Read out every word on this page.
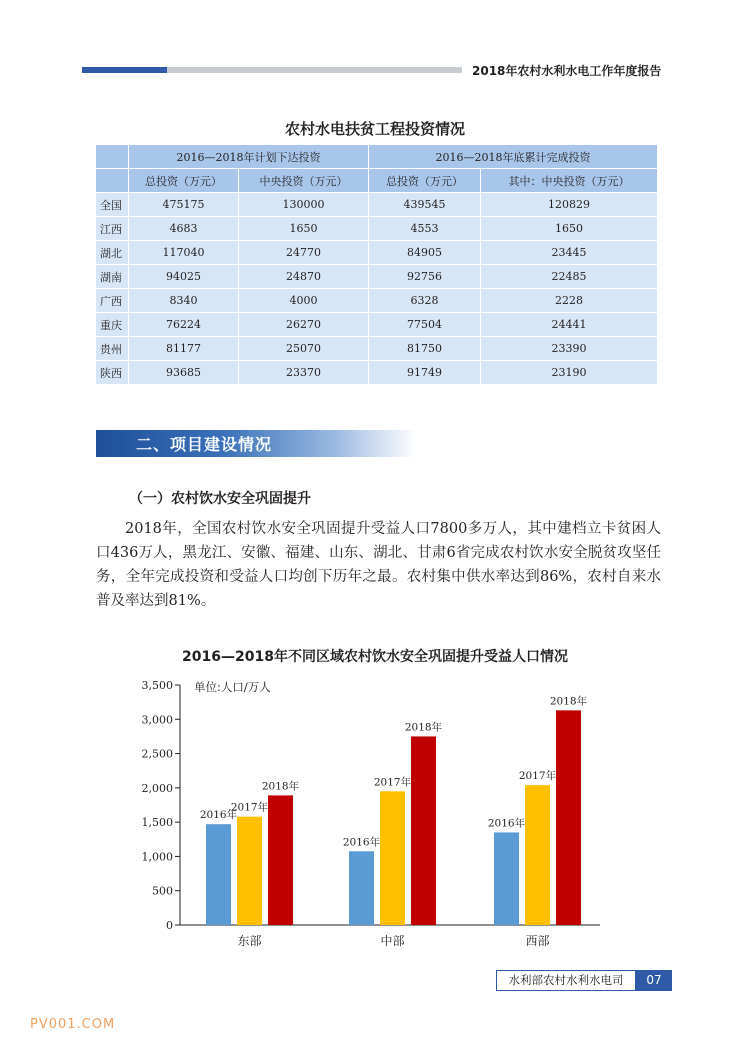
2018年农村水利水电工作年度报告
农村水电扶贫工程投资情况
	2016—2018年计划下达投资		2016—2018年底累计完成投资	
	总投资（万元）	中央投资（万元）	总投资（万元）	其中：中央投资（万元）
全国	475175	130000	439545	120829
江西	4683	1650	4553	1650
湖北	117040	24770	84905	23445
湖南	94025	24870	92756	22485
广西	8340	4000	6328	2228
重庆	76224	26270	77504	24441
贵州	81177	25070	81750	23390
陕西	93685	23370	91749	23190
二、项目建设情况
（一）农村饮水安全巩固提升

2018年，全国农村饮水安全巩固提升受益人口7800多万人，其中建档立卡贫困人口436万人，黑龙江、安徽、福建、山东、湖北、甘肃6省完成农村饮水安全脱贫攻坚任务，全年完成投资和受益人口均创下历年之最。农村集中供水率达到86%，农村自来水普及率达到81%。

2016—2018年不同区域农村饮水安全巩固提升受益人口情况
0
500
1,000
1,500
2,000
2,500
3,000
3,500 单位:人口/万人
2016年
2017年
2018年
东部
2016年
2017年
2018年
中部
2016年
2017年
2018年
西部
水利部农村水利水电司	07
PV001.COM
